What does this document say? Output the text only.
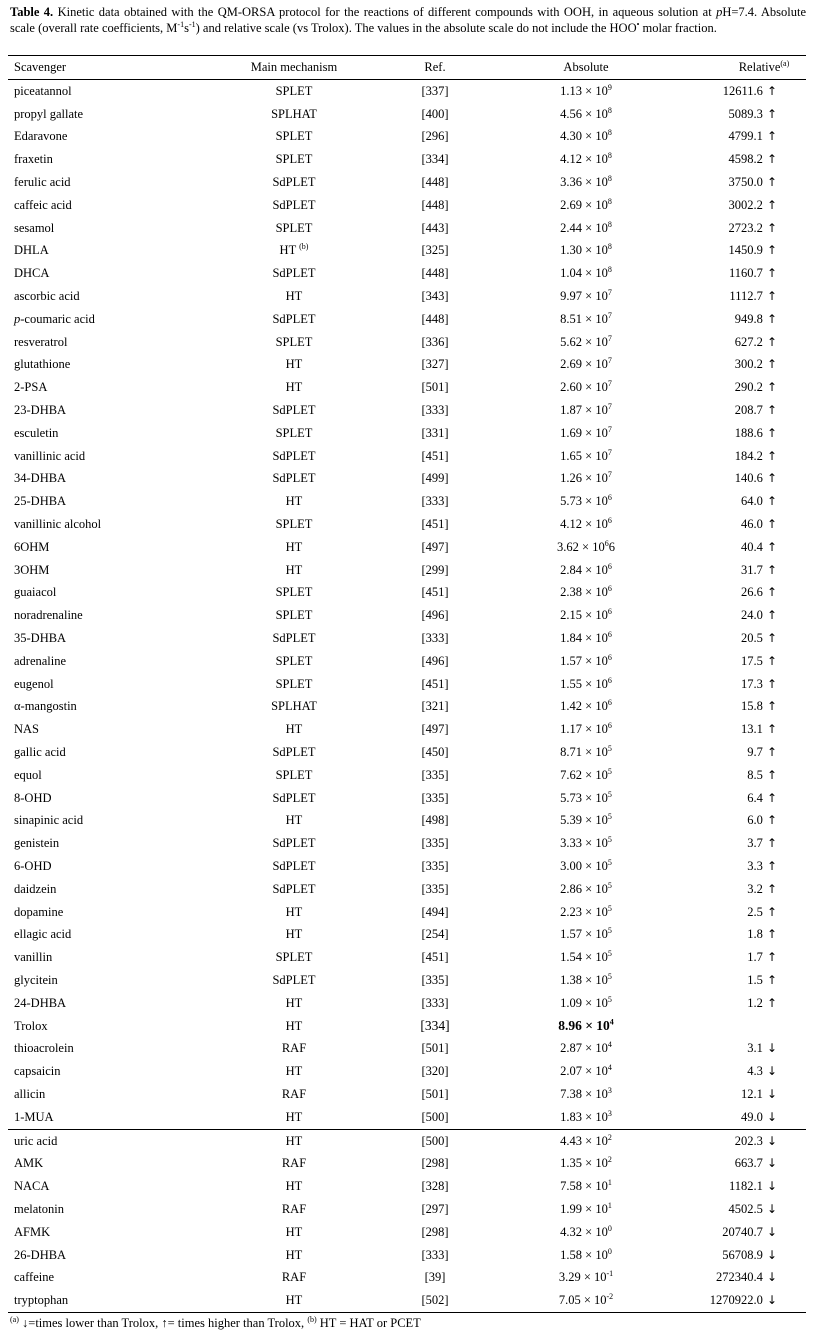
Table 4. Kinetic data obtained with the QM-ORSA protocol for the reactions of different compounds with OOH, in aqueous solution at pH=7.4. Absolute scale (overall rate coefficients, $M^{-1}s^{-1}$) and relative scale (vs Trolox). The values in the absolute scale do not include the HOO• molar fraction.
Scavenger	Main mechanism	Ref.	Absolute	Relative$^{(a)}$
piceatannol	SPLET	[337]	$1.13 \times 10^9$	12611.6 ↑
propyl gallate	SPLHAT	[400]	$4.56 \times 10^8$	5089.3 ↑
Edaravone	SPLET	[296]	$4.30 \times 10^8$	4799.1 ↑
fraxetin	SPLET	[334]	$4.12 \times 10^8$	4598.2 ↑
ferulic acid	SdPLET	[448]	$3.36 \times 10^8$	3750.0 ↑
caffeic acid	SdPLET	[448]	$2.69 \times 10^8$	3002.2 ↑
sesamol	SPLET	[443]	$2.44 \times 10^8$	2723.2 ↑
DHLA	HT $^{(b)}$	[325]	$1.30 \times 10^8$	1450.9 ↑
DHCA	SdPLET	[448]	$1.04 \times 10^8$	1160.7 ↑
ascorbic acid	HT	[343]	$9.97 \times 10^7$	1112.7 ↑
p-coumaric acid	SdPLET	[448]	$8.51 \times 10^7$	949.8 ↑
resveratrol	SPLET	[336]	$5.62 \times 10^7$	627.2 ↑
glutathione	HT	[327]	$2.69 \times 10^7$	300.2 ↑
2-PSA	HT	[501]	$2.60 \times 10^7$	290.2 ↑
23-DHBA	SdPLET	[333]	$1.87 \times 10^7$	208.7 ↑
esculetin	SPLET	[331]	$1.69 \times 10^7$	188.6 ↑
vanillinic acid	SdPLET	[451]	$1.65 \times 10^7$	184.2 ↑
34-DHBA	SdPLET	[499]	$1.26 \times 10^7$	140.6 ↑
25-DHBA	HT	[333]	$5.73 \times 10^6$	64.0 ↑
vanillinic alcohol	SPLET	[451]	$4.12 \times 10^6$	46.0 ↑
6OHM	HT	[497]	$3.62 \times 10^66$	40.4 ↑
3OHM	HT	[299]	$2.84 \times 10^6$	31.7 ↑
guaiacol	SPLET	[451]	$2.38 \times 10^6$	26.6 ↑
noradrenaline	SPLET	[496]	$2.15 \times 10^6$	24.0 ↑
35-DHBA	SdPLET	[333]	$1.84 \times 10^6$	20.5 ↑
adrenaline	SPLET	[496]	$1.57 \times 10^6$	17.5 ↑
eugenol	SPLET	[451]	$1.55 \times 10^6$	17.3 ↑
α-mangostin	SPLHAT	[321]	$1.42 \times 10^6$	15.8 ↑
NAS	HT	[497]	$1.17 \times 10^6$	13.1 ↑
gallic acid	SdPLET	[450]	$8.71 \times 10^5$	9.7 ↑
equol	SPLET	[335]	$7.62 \times 10^5$	8.5 ↑
8-OHD	SdPLET	[335]	$5.73 \times 10^5$	6.4 ↑
sinapinic acid	HT	[498]	$5.39 \times 10^5$	6.0 ↑
genistein	SdPLET	[335]	$3.33 \times 10^5$	3.7 ↑
6-OHD	SdPLET	[335]	$3.00 \times 10^5$	3.3 ↑
daidzein	SdPLET	[335]	$2.86 \times 10^5$	3.2 ↑
dopamine	HT	[494]	$2.23 \times 10^5$	2.5 ↑
ellagic acid	HT	[254]	$1.57 \times 10^5$	1.8 ↑
vanillin	SPLET	[451]	$1.54 \times 10^5$	1.7 ↑
glycitein	SdPLET	[335]	$1.38 \times 10^5$	1.5 ↑
24-DHBA	HT	[333]	$1.09 \times 10^5$	1.2 ↑
Trolox	HT	[334]	$8.96 \times 10^4$	
thioacrolein	RAF	[501]	$2.87 \times 10^4$	3.1 ↓
capsaicin	HT	[320]	$2.07 \times 10^4$	4.3 ↓
allicin	RAF	[501]	$7.38 \times 10^3$	12.1 ↓
1-MUA	HT	[500]	$1.83 \times 10^3$	49.0 ↓
uric acid	HT	[500]	$4.43 \times 10^2$	202.3 ↓
AMK	RAF	[298]	$1.35 \times 10^2$	663.7 ↓
NACA	HT	[328]	$7.58 \times 10^1$	1182.1 ↓
melatonin	RAF	[297]	$1.99 \times 10^1$	4502.5 ↓
AFMK	HT	[298]	$4.32 \times 10^0$	20740.7 ↓
26-DHBA	HT	[333]	$1.58 \times 10^0$	56708.9 ↓
caffeine	RAF	[39]	$3.29 \times 10^{-1}$	272340.4 ↓
tryptophan	HT	[502]	$7.05 \times 10^{-2}$	1270922.0 ↓
$^{(a)}$ ↓=times lower than Trolox, ↑= times higher than Trolox, $^{(b)}$ HT = HAT or PCET
